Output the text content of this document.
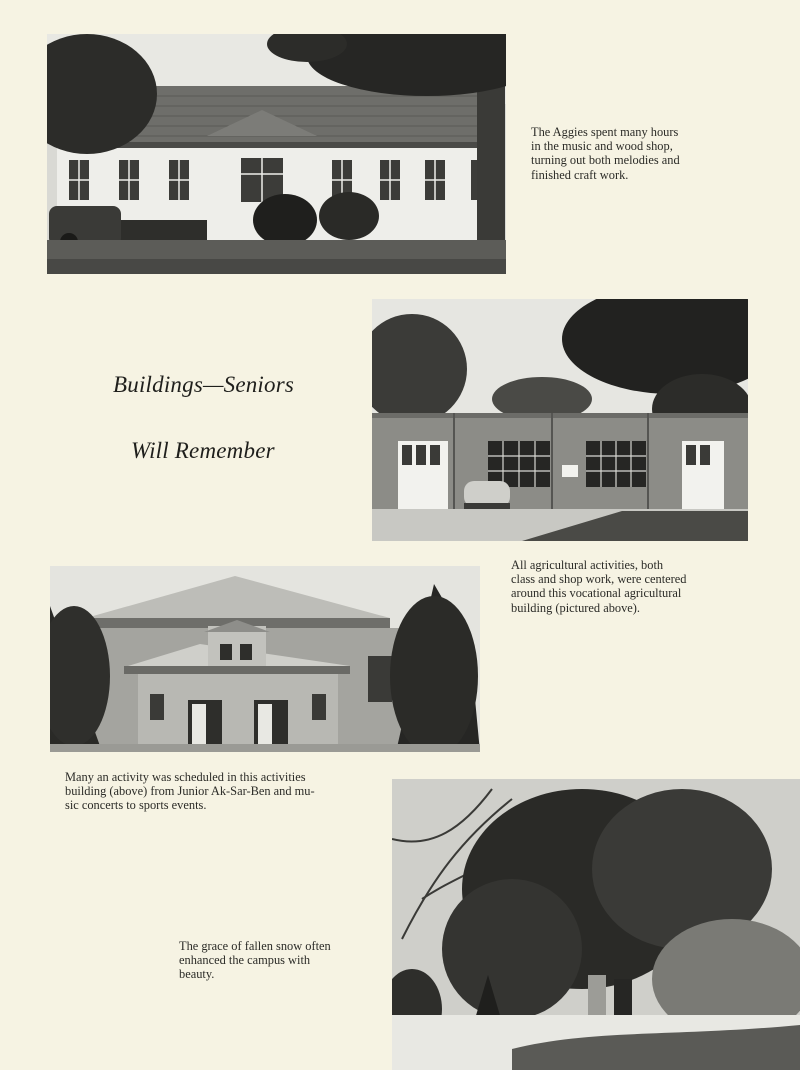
The Aggies spent many hours
in the music and wood shop,
turning out both melodies and
finished craft work.
Buildings—Seniors
Will Remember
All agricultural activities, both
class and shop work, were centered
around this vocational agricultural
building (pictured above).
Many an activity was scheduled in this activities
building (above) from Junior Ak-Sar-Ben and mu-
sic concerts to sports events.
The grace of fallen snow often
enhanced the campus with
beauty.
